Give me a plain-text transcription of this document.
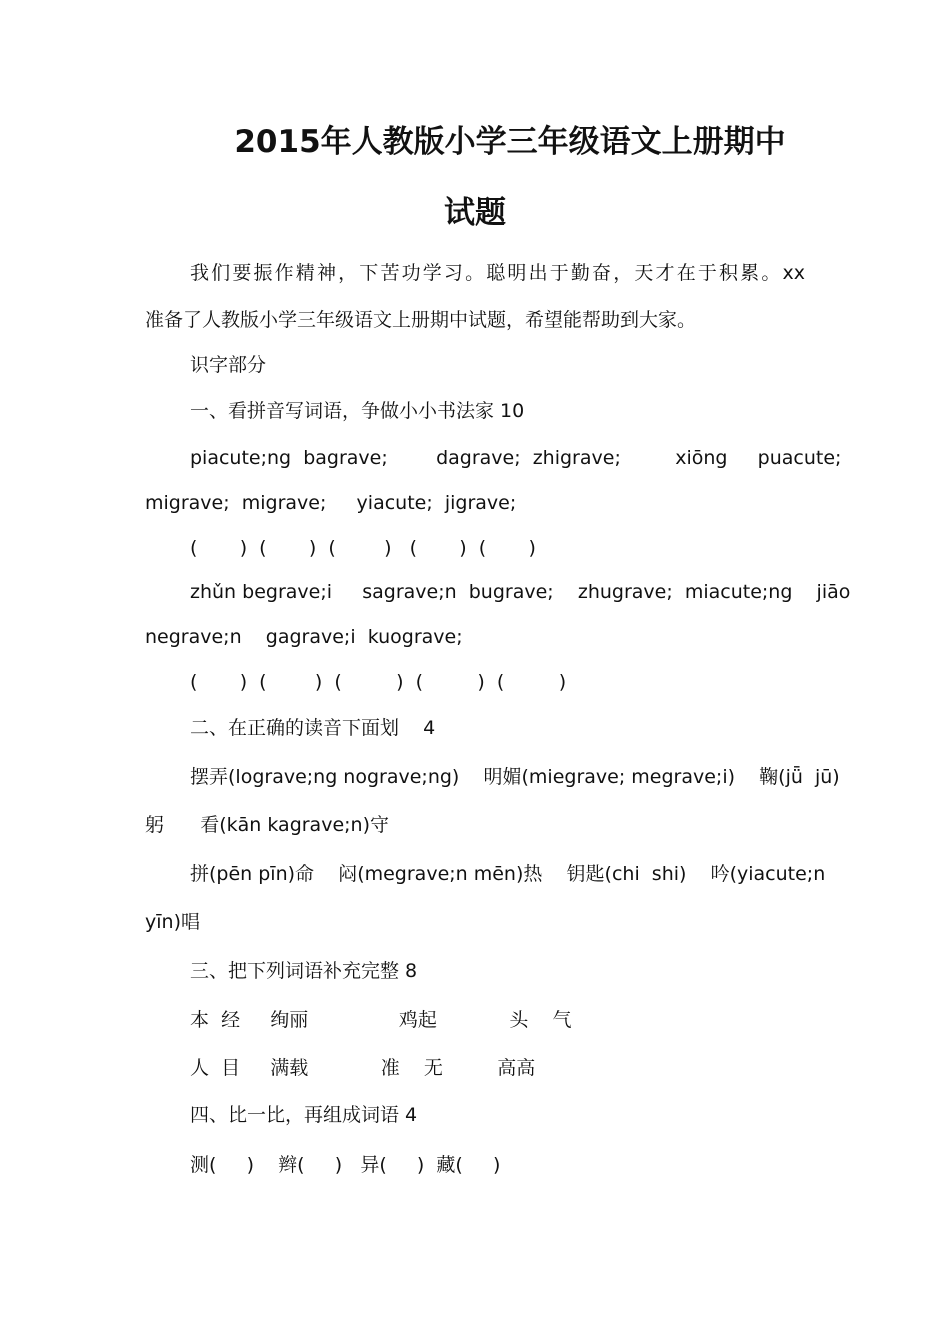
2015年人教版小学三年级语文上册期中
试题
我们要振作精神，下苦功学习。聪明出于勤奋，天才在于积累。xx
准备了人教版小学三年级语文上册期中试题，希望能帮助到大家。
识字部分
一、看拼音写词语，争做小小书法家 10
piacute;ng  bagrave;        dagrave;  zhigrave;         xiōng     puacute;
migrave;  migrave;     yiacute;  jigrave;
(       )  (       )  (        )   (       )  (       )
zhǔn begrave;i     sagrave;n  bugrave;    zhugrave;  miacute;ng    jiāo
negrave;n    gagrave;i  kuograve;
(       )  (        )  (         )  (         )  (         )
二、在正确的读音下面划    4
摆弄(lograve;ng nograve;ng)    明媚(miegrave; megrave;i)    鞠(jǖ  jū)
躬      看(kān kagrave;n)守
拼(pēn pīn)命    闷(megrave;n mēn)热    钥匙(chi  shi)    吟(yiacute;n
yīn)唱
三、把下列词语补充完整 8
本  经     绚丽               鸡起            头    气
人  目     满载            准    无         高高
四、比一比，再组成词语 4
测(     )    辫(     )   异(     )  藏(     )
